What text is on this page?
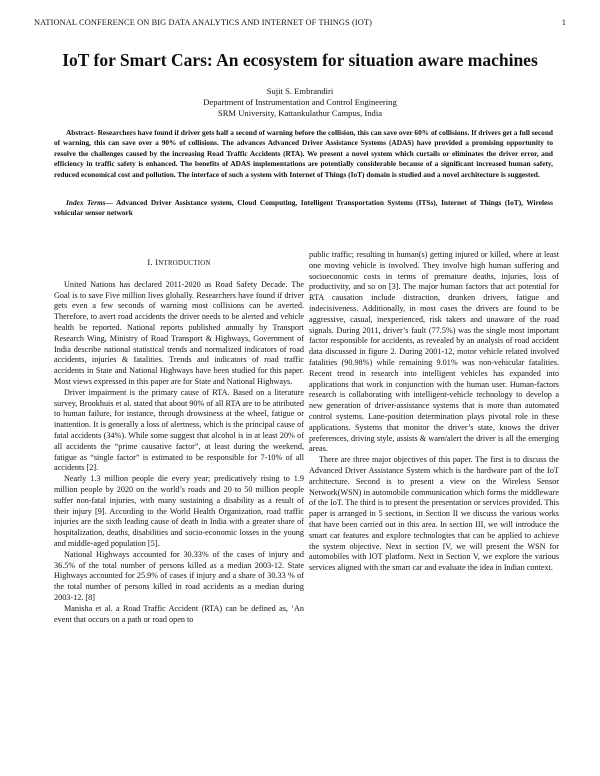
NATIONAL CONFERENCE ON BIG DATA ANALYTICS AND INTERNET OF THINGS (IOT)	1
IoT for Smart Cars: An ecosystem for situation aware machines
Sujit S. Embrandiri
Department of Instrumentation and Control Engineering
SRM University, Kattankulathur Campus, India

Abstract- Researchers have found if driver gets half a second of warning before the collision, this can save over 60% of collisions. If drivers get a full second of warning, this can save over a 90% of collisions. The advances Advanced Driver Assistance Systems (ADAS) have provided a promising opportunity to resolve the challenges caused by the increasing Road Traffic Accidents (RTA). We present a novel system which curtails or eliminates the driver error, and efficiency in traffic safety is enhanced. The benefits of ADAS implementations are potentially considerable because of a significant increased human safety, reduced economical cost and pollution. The interface of such a system with Internet of Things (IoT) domain is studied and a novel architecture is suggested.

Index Terms— Advanced Driver Assistance system, Cloud Computing, Intelligent Transportation Systems (ITSs), Internet of Things (IoT), Wireless vehicular sensor network

I. INTRODUCTION

United Nations has declared 2011-2020 as Road Safety Decade. The Goal is to save Five million lives globally. Researchers have found if driver gets even a few seconds of warning most collisions can be averted. Therefore, to avert road accidents the driver needs to be alerted and vehicle health be reported. National reports published annually by Transport Research Wing, Ministry of Road Transport & Highways, Government of India describe national statistical trends and normalized indicators of road accidents, injuries & fatalities. Trends and indicators of road traffic accidents in State and National Highways have been studied for this paper. Most views expressed in this paper are for State and National Highways.

Driver impairment is the primary cause of RTA. Based on a literature survey, Brookhuis et al. stated that about 90% of all RTA are to be attributed to human failure, for instance, through drowsiness at the wheel, fatigue or inattention. It is generally a loss of alertness, which is the principal cause of fatal accidents (34%). While some suggest that alcohol is in at least 20% of all accidents the “prime causative factor”, at least during the weekend, fatigue as “single factor” is estimated to be responsible for 7-10% of all accidents [2].

Nearly 1.3 million people die every year; predicatively rising to 1.9 million people by 2020 on the world’s roads and 20 to 50 million people suffer non-fatal injuries, with many sustaining a disability as a result of their injury [9]. According to the World Health Organization, road traffic injuries are the sixth leading cause of death in India with a greater share of hospitalization, deaths, disabilities and socio-economic losses in the young and middle-aged population [5].

National Highways accounted for 30.33% of the cases of injury and 36.5% of the total number of persons killed as a median 2003-12. State Highways accounted for 25.9% of cases if injury and a share of 30.33 % of the total number of persons killed in road accidents as a median during 2003-12. [8]

Manisha et al. a Road Traffic Accident (RTA) can be defined as, ‘An event that occurs on a path or road open to

public traffic; resulting in human(s) getting injured or killed, where at least one moving vehicle is involved. They involve high human suffering and socioeconomic costs in terms of premature deaths, injuries, loss of productivity, and so on [3]. The major human factors that act potential for RTA causation include distraction, drunken drivers, fatigue and indecisiveness. Additionally, in most cases the drivers are found to be aggressive, casual, inexperienced, risk takers and unaware of the road signals. During 2011, driver’s fault (77.5%) was the single most important factor responsible for accidents, as revealed by an analysis of road accident data discussed in figure 2. During 2001-12, motor vehicle related involved fatalities (90.98%) while remaining 9.01% was non-vehicular fatalities. Recent trend in research into intelligent vehicles has expanded into applications that work in conjunction with the human user. Human-factors research is collaborating with intelligent-vehicle technology to develop a new generation of driver-assistance systems that is more than automated control systems. Lane-position determination plays pivotal role in these applications. Systems that monitor the driver’s state, knows the driver preferences, driving style, assists & warn/alert the driver is all the emerging areas.

There are three major objectives of this paper. The first is to discuss the Advanced Driver Assistance System which is the hardware part of the IoT architecture. Second is to present a view on the Wireless Sensor Network(WSN) in automobile communication which forms the middleware of the IoT. The third is to present the presentation or services provided. This paper is arranged in 5 sections, in Section II we discuss the various works that have been carried out in this area. In section III, we will introduce the smart car features and explore technologies that can be applied to achieve the system objective. Next in section IV, we will present the WSN for automobiles with IOT platform. Next in Section V, we explore the various services aligned with the smart car and evaluate the idea in Indian context.
